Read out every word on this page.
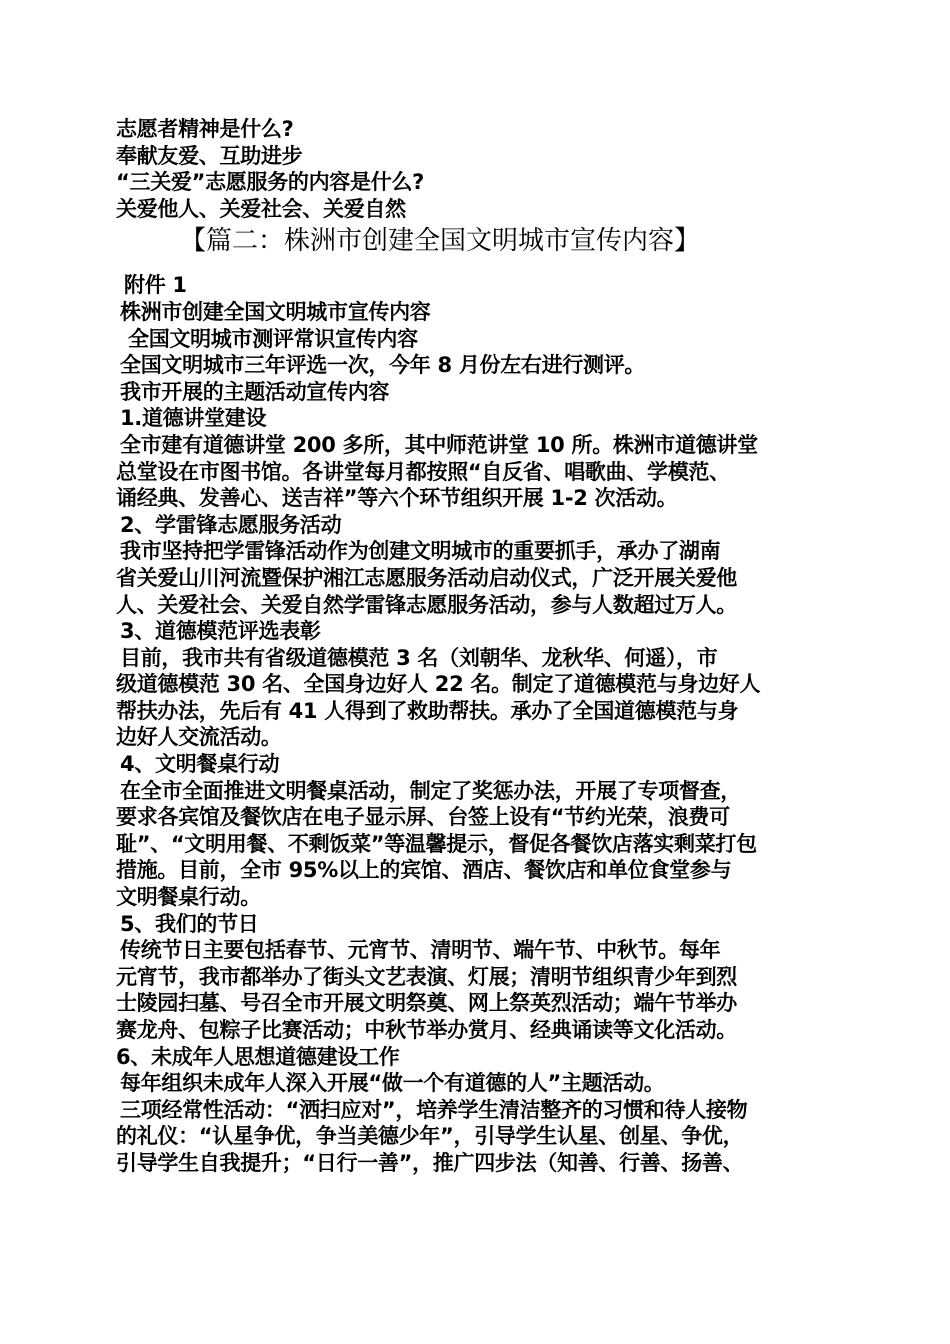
志愿者精神是什么?
奉献友爱、互助进步
“三关爱”志愿服务的内容是什么?
关爱他人、关爱社会、关爱自然
【篇二：株洲市创建全国文明城市宣传内容】
附件 1
株洲市创建全国文明城市宣传内容
全国文明城市测评常识宣传内容
全国文明城市三年评选一次，今年 8 月份左右进行测评。
我市开展的主题活动宣传内容
1.道德讲堂建设
全市建有道德讲堂 200 多所，其中师范讲堂 10 所。株洲市道德讲堂
总堂设在市图书馆。各讲堂每月都按照“自反省、唱歌曲、学模范、
诵经典、发善心、送吉祥”等六个环节组织开展 1-2 次活动。
2、学雷锋志愿服务活动
我市坚持把学雷锋活动作为创建文明城市的重要抓手，承办了湖南
省关爱山川河流暨保护湘江志愿服务活动启动仪式，广泛开展关爱他
人、关爱社会、关爱自然学雷锋志愿服务活动，参与人数超过万人。
3、道德模范评选表彰
目前，我市共有省级道德模范 3 名（刘朝华、龙秋华、何遥），市
级道德模范 30 名、全国身边好人 22 名。制定了道德模范与身边好人
帮扶办法，先后有 41 人得到了救助帮扶。承办了全国道德模范与身
边好人交流活动。
4、文明餐桌行动
在全市全面推进文明餐桌活动，制定了奖惩办法，开展了专项督查，
要求各宾馆及餐饮店在电子显示屏、台签上设有“节约光荣，浪费可
耻”、“文明用餐、不剩饭菜”等温馨提示，督促各餐饮店落实剩菜打包
措施。目前，全市 95%以上的宾馆、酒店、餐饮店和单位食堂参与
文明餐桌行动。
5、我们的节日
传统节日主要包括春节、元宵节、清明节、端午节、中秋节。每年
元宵节，我市都举办了街头文艺表演、灯展；清明节组织青少年到烈
士陵园扫墓、号召全市开展文明祭奠、网上祭英烈活动；端午节举办
赛龙舟、包粽子比赛活动；中秋节举办赏月、经典诵读等文化活动。
6、未成年人思想道德建设工作
每年组织未成年人深入开展“做一个有道德的人”主题活动。
三项经常性活动：“洒扫应对”，培养学生清洁整齐的习惯和待人接物
的礼仪：“认星争优，争当美德少年”，引导学生认星、创星、争优，
引导学生自我提升；“日行一善”，推广四步法（知善、行善、扬善、
